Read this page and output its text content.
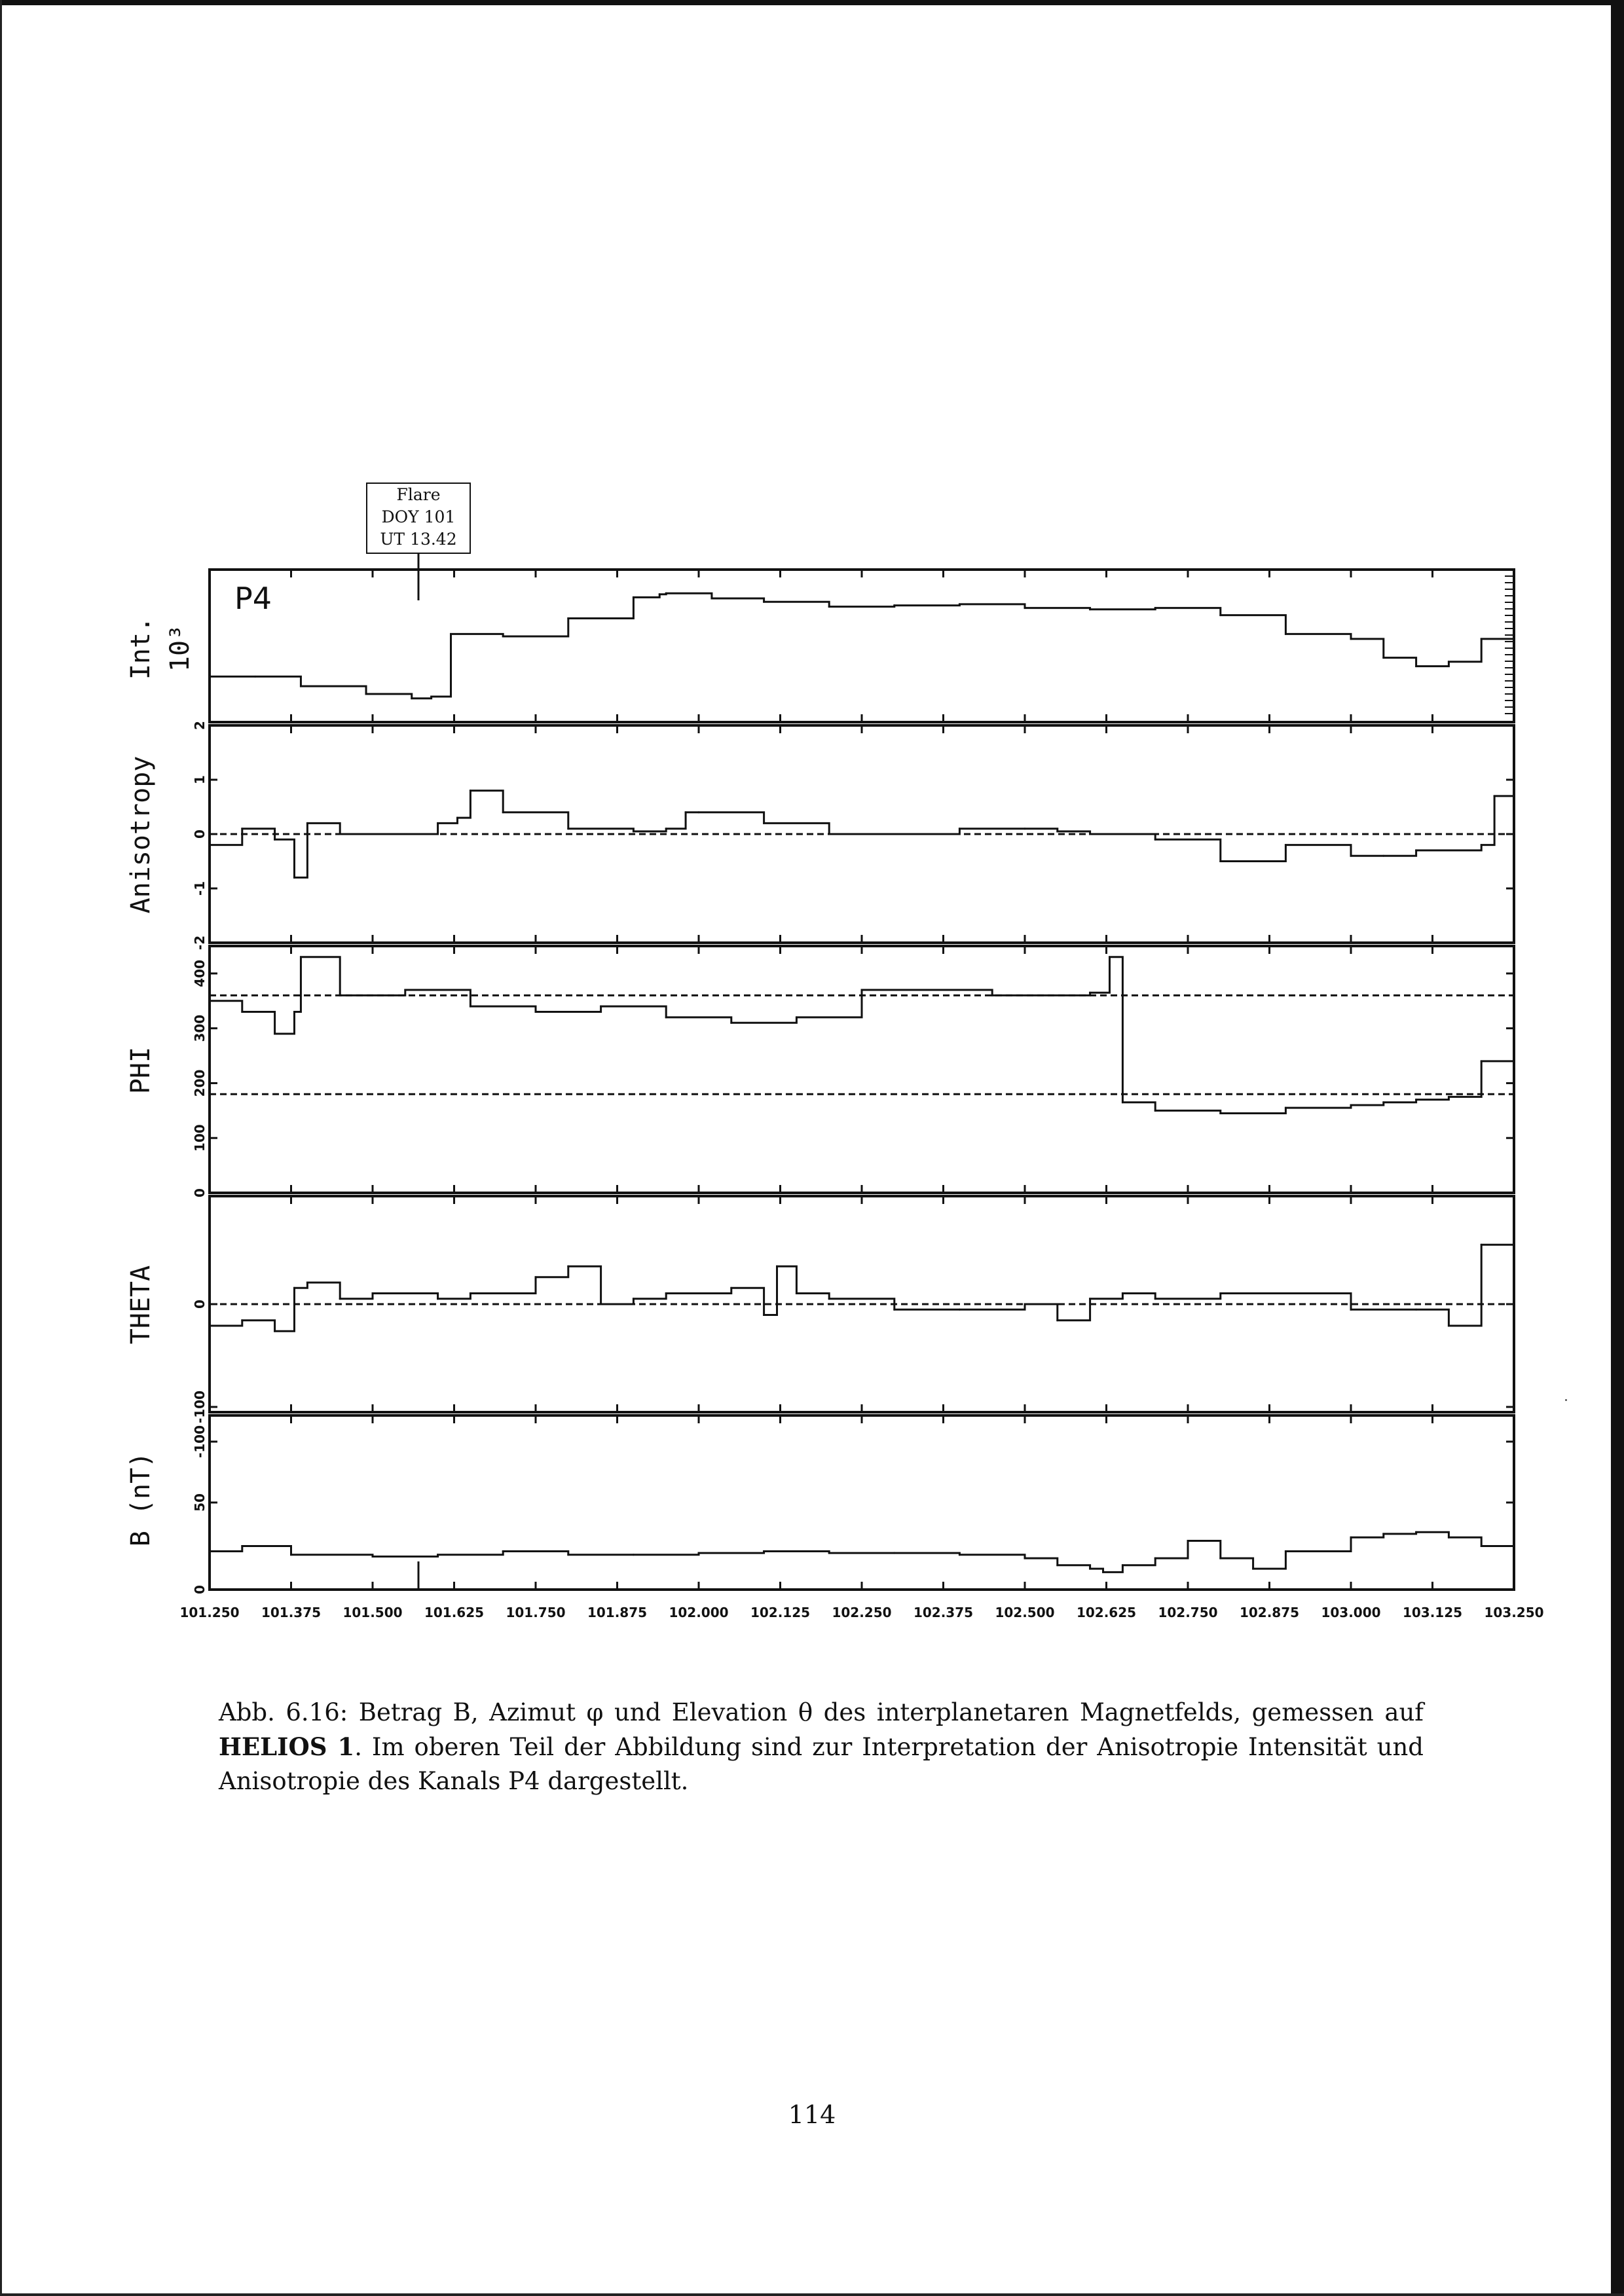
Flare
DOY 101
UT 13.42
Int. 10³
P4
2
1
0
-1
-2
Anisotropy
400
300
200
100
0
PHI
0
-100
THETA
-100
50
0
B (nT)
101.250 101.375 101.500 101.625 101.750 101.875 102.000 102.125 102.250 102.375 102.500 102.625 102.750 102.875 103.000 103.125 103.250
Abb. 6.16: Betrag B, Azimut φ und Elevation θ des interplanetaren Magnetfelds, gemessen auf HELIOS 1. Im oberen Teil der Abbildung sind zur Interpretation der Anisotropie Intensität und Anisotropie des Kanals P4 dargestellt.
114
